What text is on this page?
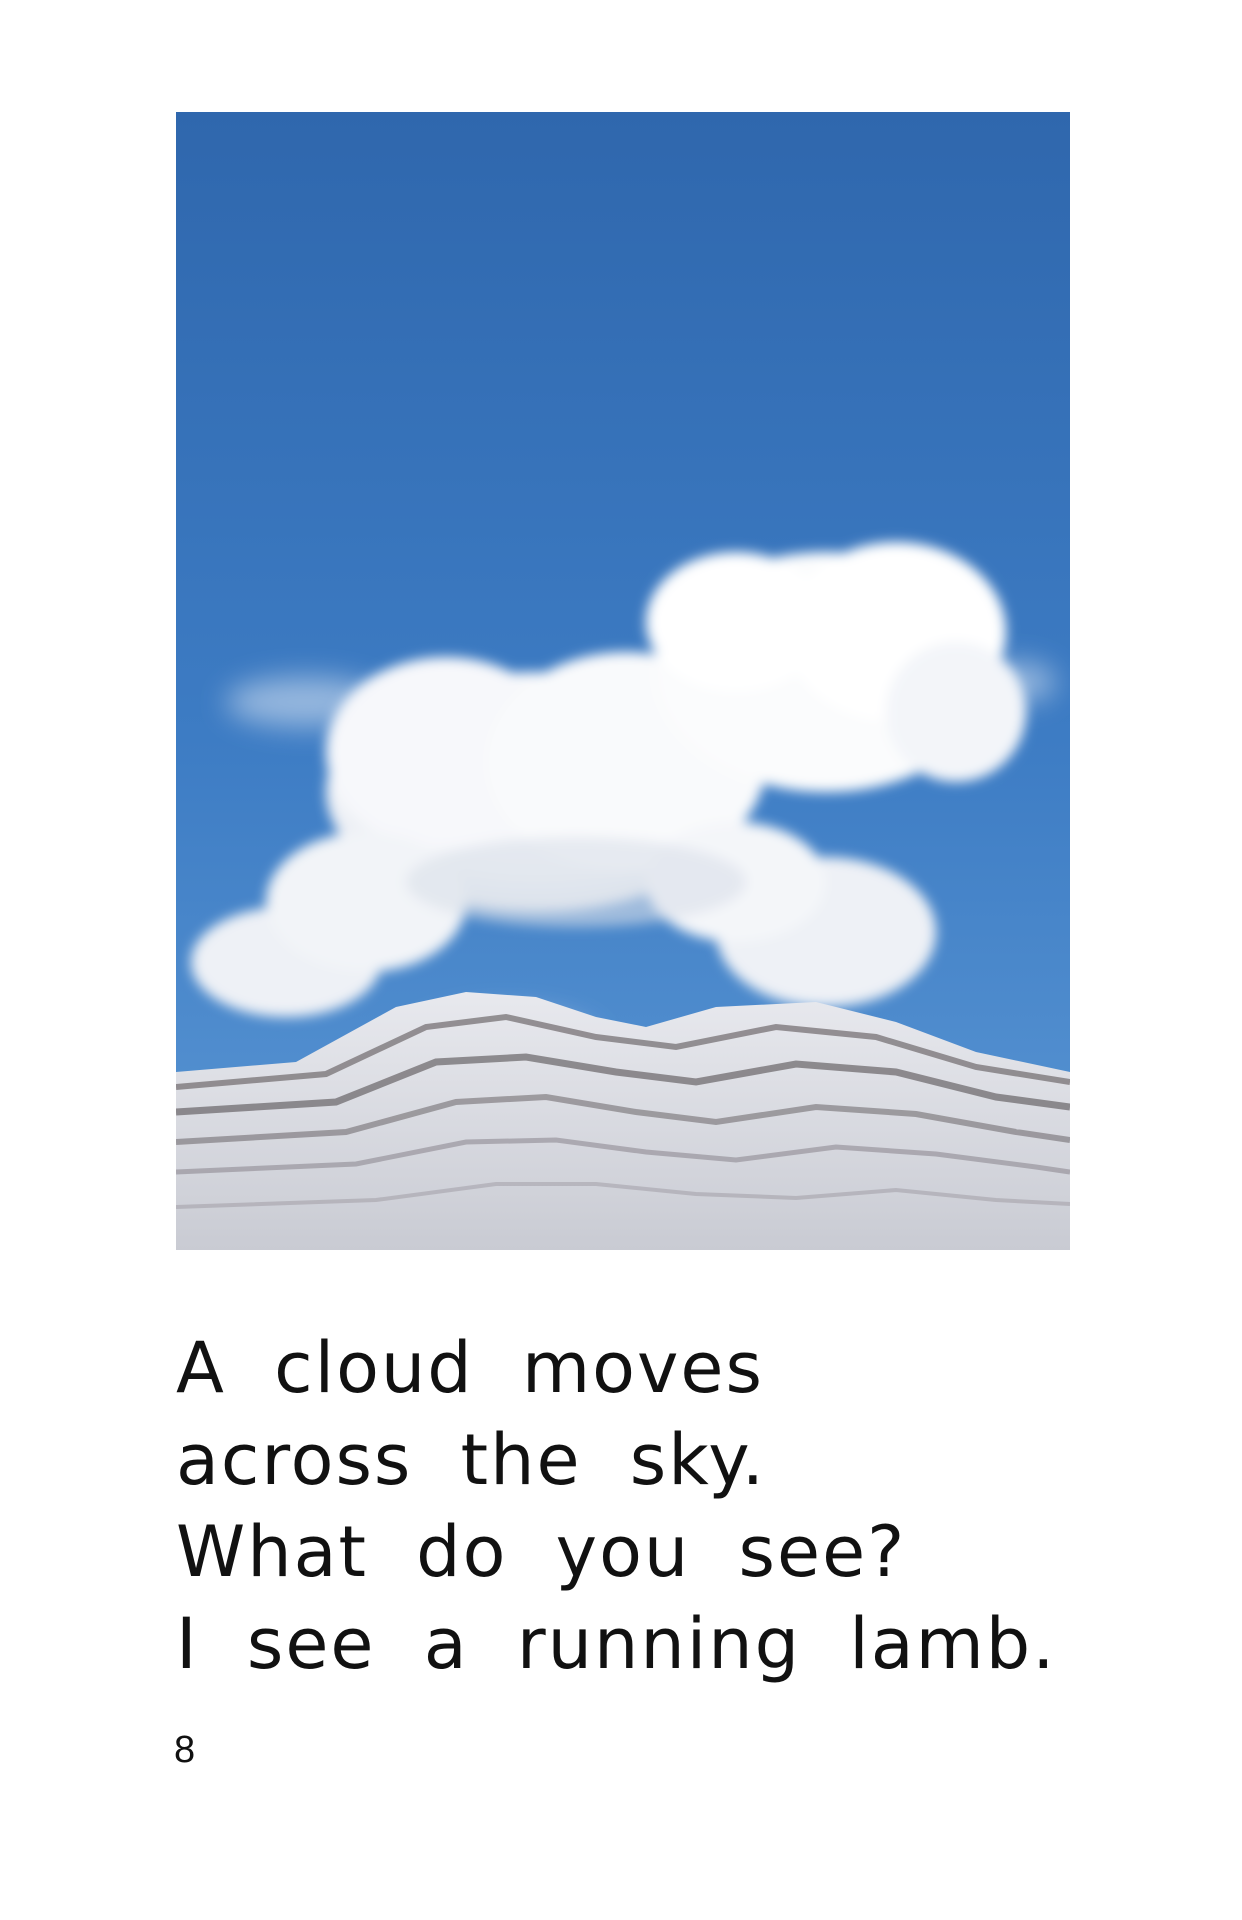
A cloud moves
across the sky.
What do you see?
I see a running lamb.
8
